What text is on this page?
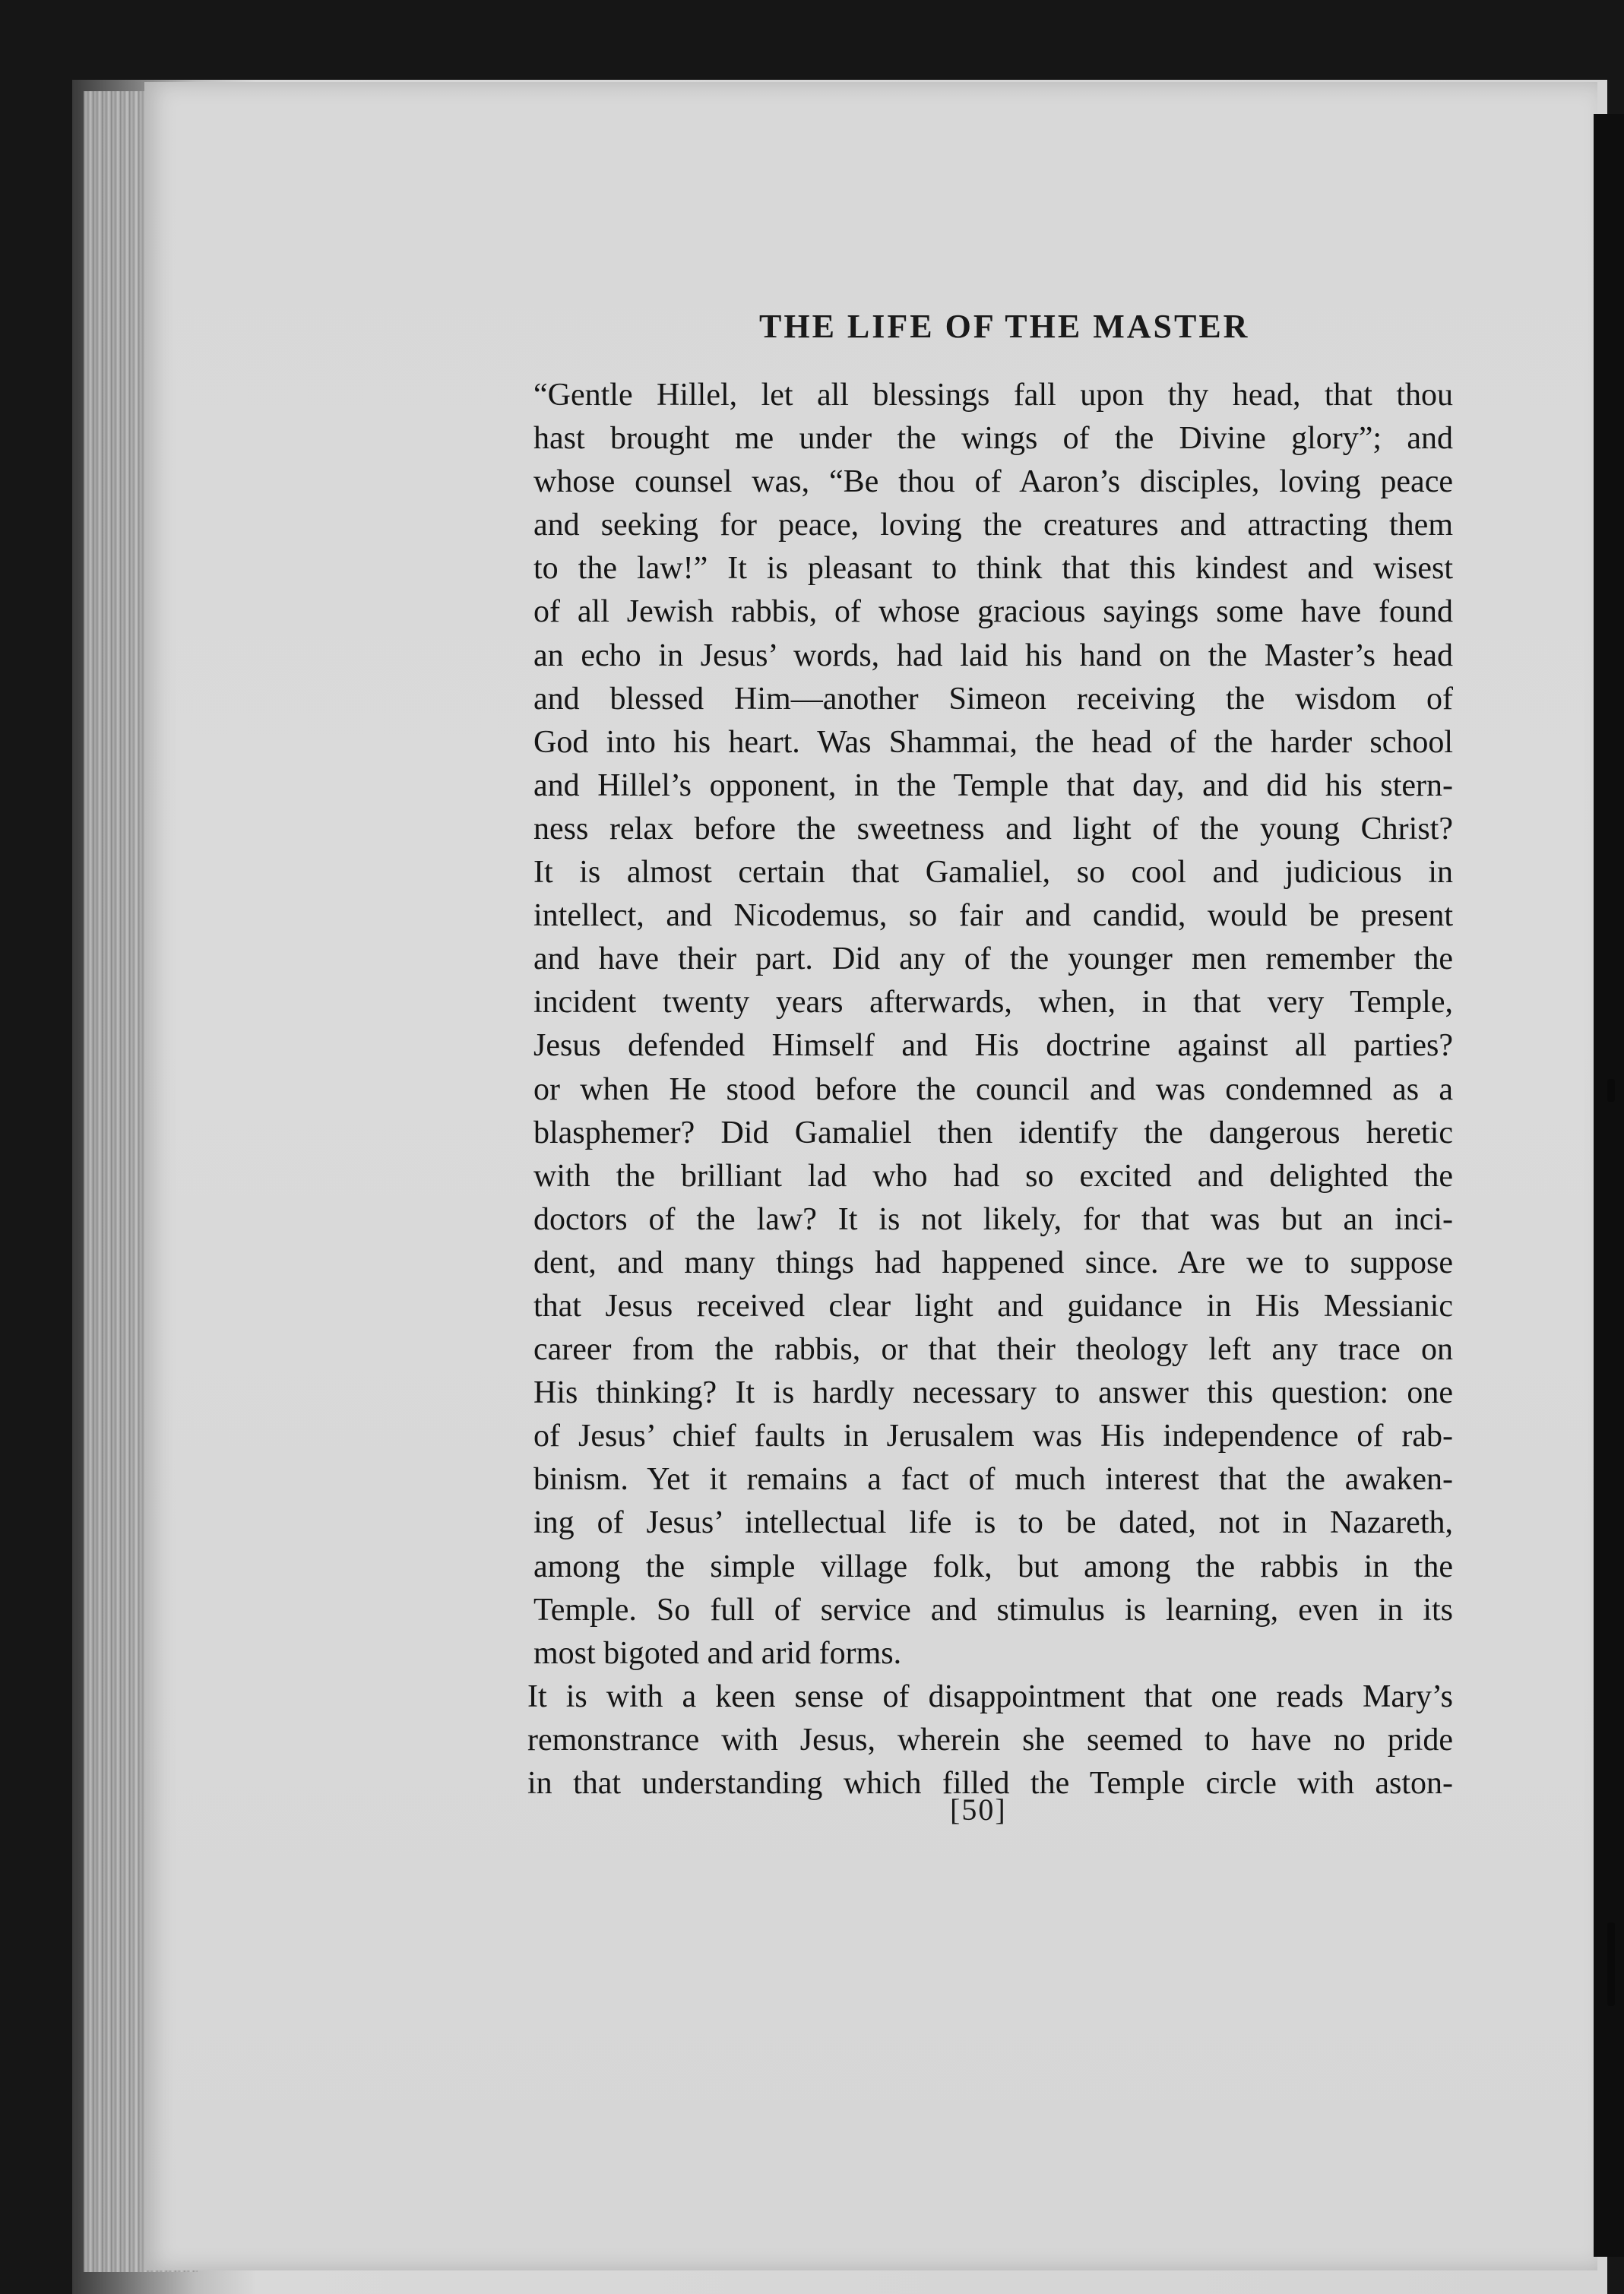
THE LIFE OF THE MASTER
“Gentle Hillel, let all blessings fall upon thy head, that thou
hast brought me under the wings of the Divine glory”; and
whose counsel was, “Be thou of Aaron’s disciples, loving peace
and seeking for peace, loving the creatures and attracting them
to the law!” It is pleasant to think that this kindest and wisest
of all Jewish rabbis, of whose gracious sayings some have found
an echo in Jesus’ words, had laid his hand on the Master’s head
and blessed Him—another Simeon receiving the wisdom of
God into his heart. Was Shammai, the head of the harder school
and Hillel’s opponent, in the Temple that day, and did his stern-
ness relax before the sweetness and light of the young Christ?
It is almost certain that Gamaliel, so cool and judicious in
intellect, and Nicodemus, so fair and candid, would be present
and have their part. Did any of the younger men remember the
incident twenty years afterwards, when, in that very Temple,
Jesus defended Himself and His doctrine against all parties?
or when He stood before the council and was condemned as a
blasphemer? Did Gamaliel then identify the dangerous heretic
with the brilliant lad who had so excited and delighted the
doctors of the law? It is not likely, for that was but an inci-
dent, and many things had happened since. Are we to suppose
that Jesus received clear light and guidance in His Messianic
career from the rabbis, or that their theology left any trace on
His thinking? It is hardly necessary to answer this question: one
of Jesus’ chief faults in Jerusalem was His independence of rab-
binism. Yet it remains a fact of much interest that the awaken-
ing of Jesus’ intellectual life is to be dated, not in Nazareth,
among the simple village folk, but among the rabbis in the
Temple. So full of service and stimulus is learning, even in its
most bigoted and arid forms.
It is with a keen sense of disappointment that one reads Mary’s
remonstrance with Jesus, wherein she seemed to have no pride
in that understanding which filled the Temple circle with aston-
[50]
